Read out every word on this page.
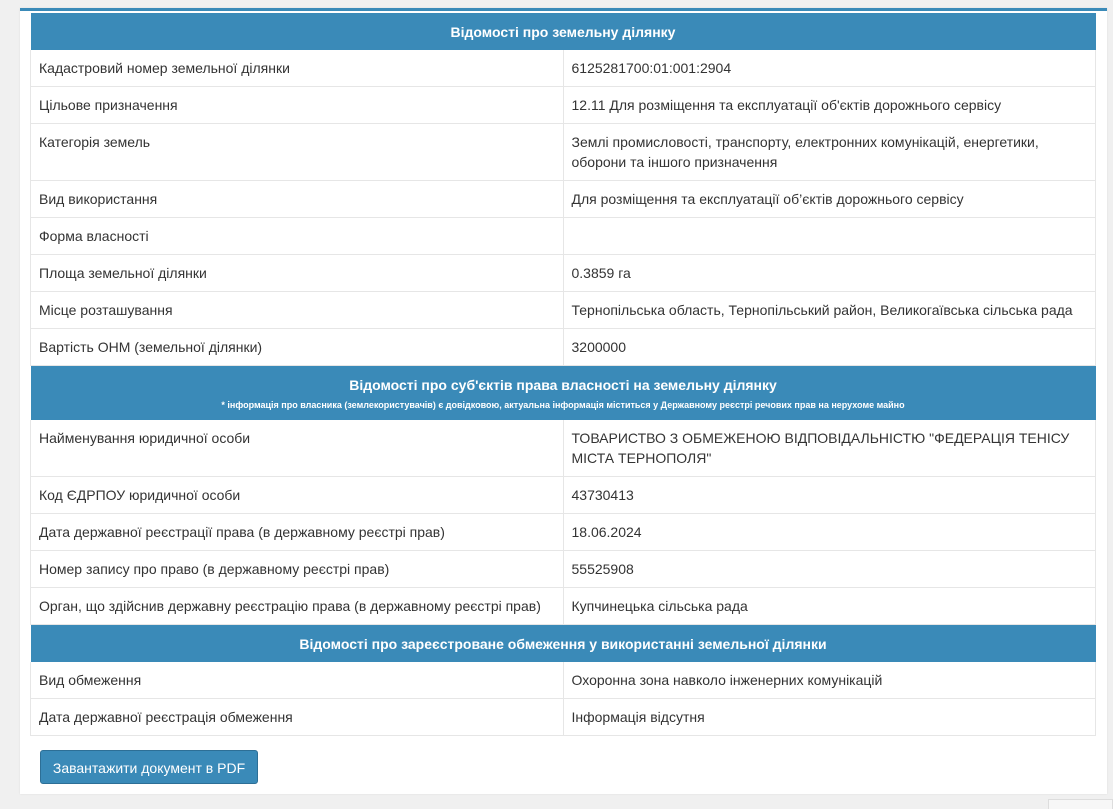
Відомості про земельну ділянку	
Кадастровий номер земельної ділянки	6125281700:01:001:2904
Цільове призначення	12.11 Для розміщення та експлуатації об'єктів дорожнього сервісу
Категорія земель	Землі промисловості, транспорту, електронних комунікацій, енергетики, оборони та іншого призначення
Вид використання	Для розміщення та експлуатації об’єктів дорожнього сервісу
Форма власності	
Площа земельної ділянки	0.3859 га
Місце розташування	Тернопільська область, Тернопільський район, Великогаївська сільська рада
Вартість ОНМ (земельної ділянки)	3200000
Відомості про суб'єктів права власності на земельну ділянку
* інформація про власника (землекористувачів) є довідковою, актуальна інформація міститься у Державному реєстрі речових прав на нерухоме майно	

Найменування юридичної особи	ТОВАРИСТВО З ОБМЕЖЕНОЮ ВІДПОВІДАЛЬНІСТЮ "ФЕДЕРАЦІЯ ТЕНІСУ МІСТА ТЕРНОПОЛЯ"
Код ЄДРПОУ юридичної особи	43730413
Дата державної реєстрації права (в державному реєстрі прав)	18.06.2024
Номер запису про право (в державному реєстрі прав)	55525908
Орган, що здійснив державну реєстрацію права (в державному реєстрі прав)	Купчинецька сільська рада
Відомості про зареєстроване обмеження у використанні земельної ділянки	
Вид обмеження	Охоронна зона навколо інженерних комунікацій
Дата державної реєстрація обмеження	Інформація відсутня
Завантажити документ в PDF
